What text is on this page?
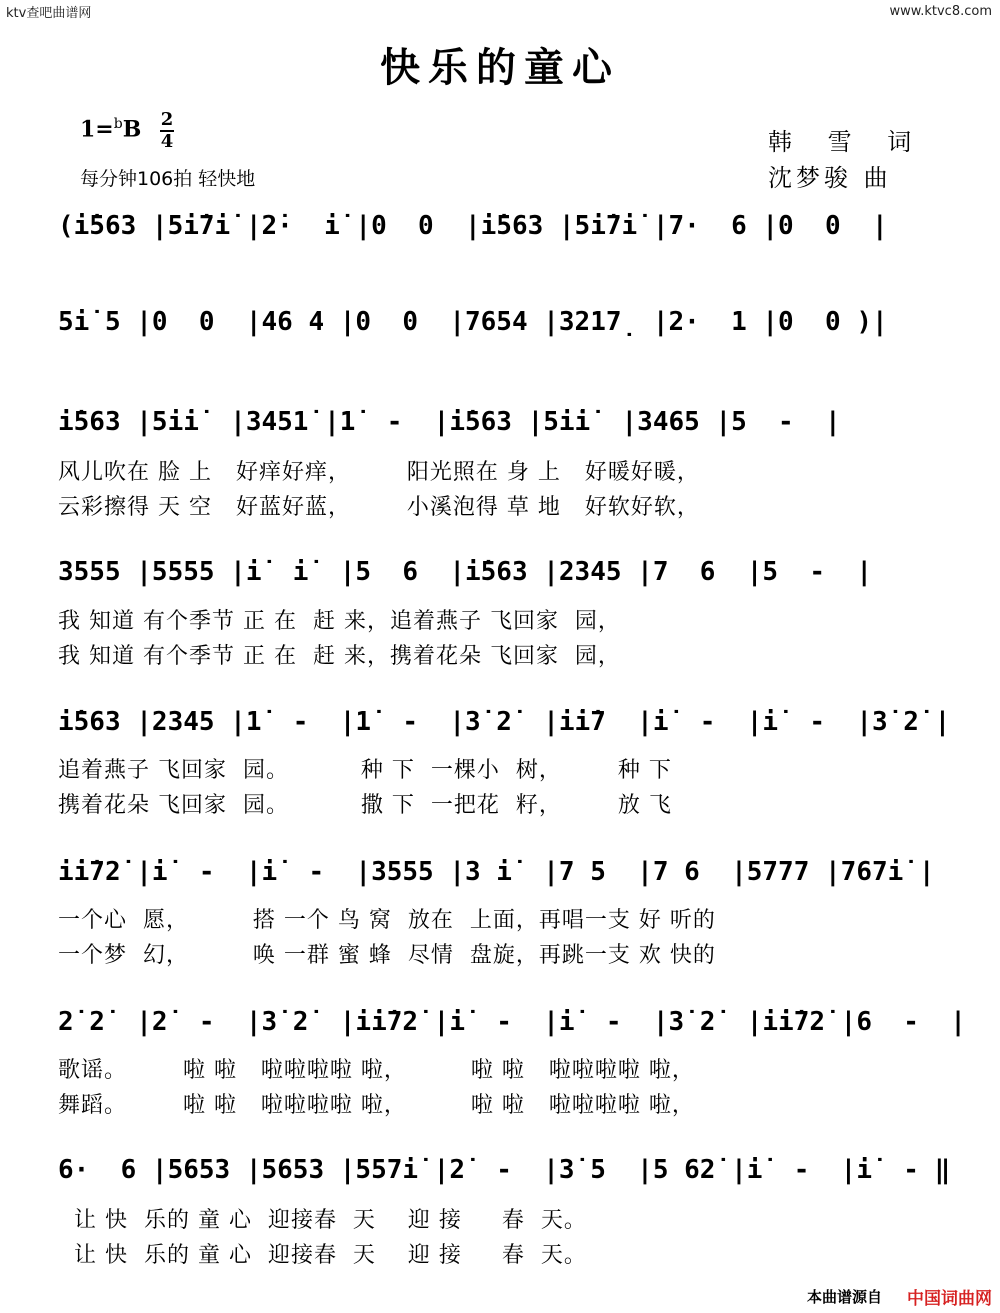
ktv查吧曲谱网	www.ktvc8.com
快乐的童心
1=$^b$B 2
4
每分钟106拍 轻快地
韩 雪 词
沈梦骏 曲
(i̇563 |5i̇7i̇ |2̇·  i̇ |0  0  |i̇563 |5i̇7i̇ |7·  6 |0  0  |
5i̇ 5 |0  0  |46 4 |0  0  |7654 |3217̣ |2·  1 |0  0 )|
i̇563 |5i̇i̇  |3451̇ |1̇  -  |i̇563 |5i̇i̇  |3465 |5  -  |
风儿吹在 脸 上   好痒好痒，       阳光照在 身 上   好暖好暖，
云彩擦得 天 空   好蓝好蓝，       小溪泡得 草 地   好软好软，
3555 |5555 |i̇  i̇  |5  6  |i̇563 |2345 |7  6  |5  -  |
我 知道 有个季节 正 在  赶 来，追着燕子 飞回家  园，
我 知道 有个季节 正 在  赶 来，携着花朵 飞回家  园，
i̇563 |2345 |1̇  -  |1̇  -  |3̇ 2̇  |i̇i̇7  |i̇  -  |i̇  -  |3̇ 2̇ |
追着燕子 飞回家  园。         种 下  一棵小  树，       种 下
携着花朵 飞回家  园。         撒 下  一把花  籽，       放 飞
i̇i̇72̇ |i̇  -  |i̇  -  |3555 |3 i̇  |7 5  |7 6  |5777 |767i̇ |
一个心  愿，        搭 一个 鸟 窝  放在  上面，再唱一支 好 听的
一个梦  幻，        唤 一群 蜜 蜂  尽情  盘旋，再跳一支 欢 快的
2̇ 2̇  |2̇  -  |3̇ 2̇  |i̇i̇72̇ |i̇  -  |i̇  -  |3̇ 2̇  |i̇i̇72̇ |6  -  |
歌谣。       啦 啦   啦啦啦啦 啦，        啦 啦   啦啦啦啦 啦，
舞蹈。       啦 啦   啦啦啦啦 啦，        啦 啦   啦啦啦啦 啦，
6·  6 |5653 |5653 |557i̇ |2̇  -  |3̇ 5  |5 62̇ |i̇  -  |i̇  - ‖
让 快  乐的 童 心  迎接春  天    迎 接     春  天。
让 快  乐的 童 心  迎接春  天    迎 接     春  天。
本曲谱源自 中国词曲网
